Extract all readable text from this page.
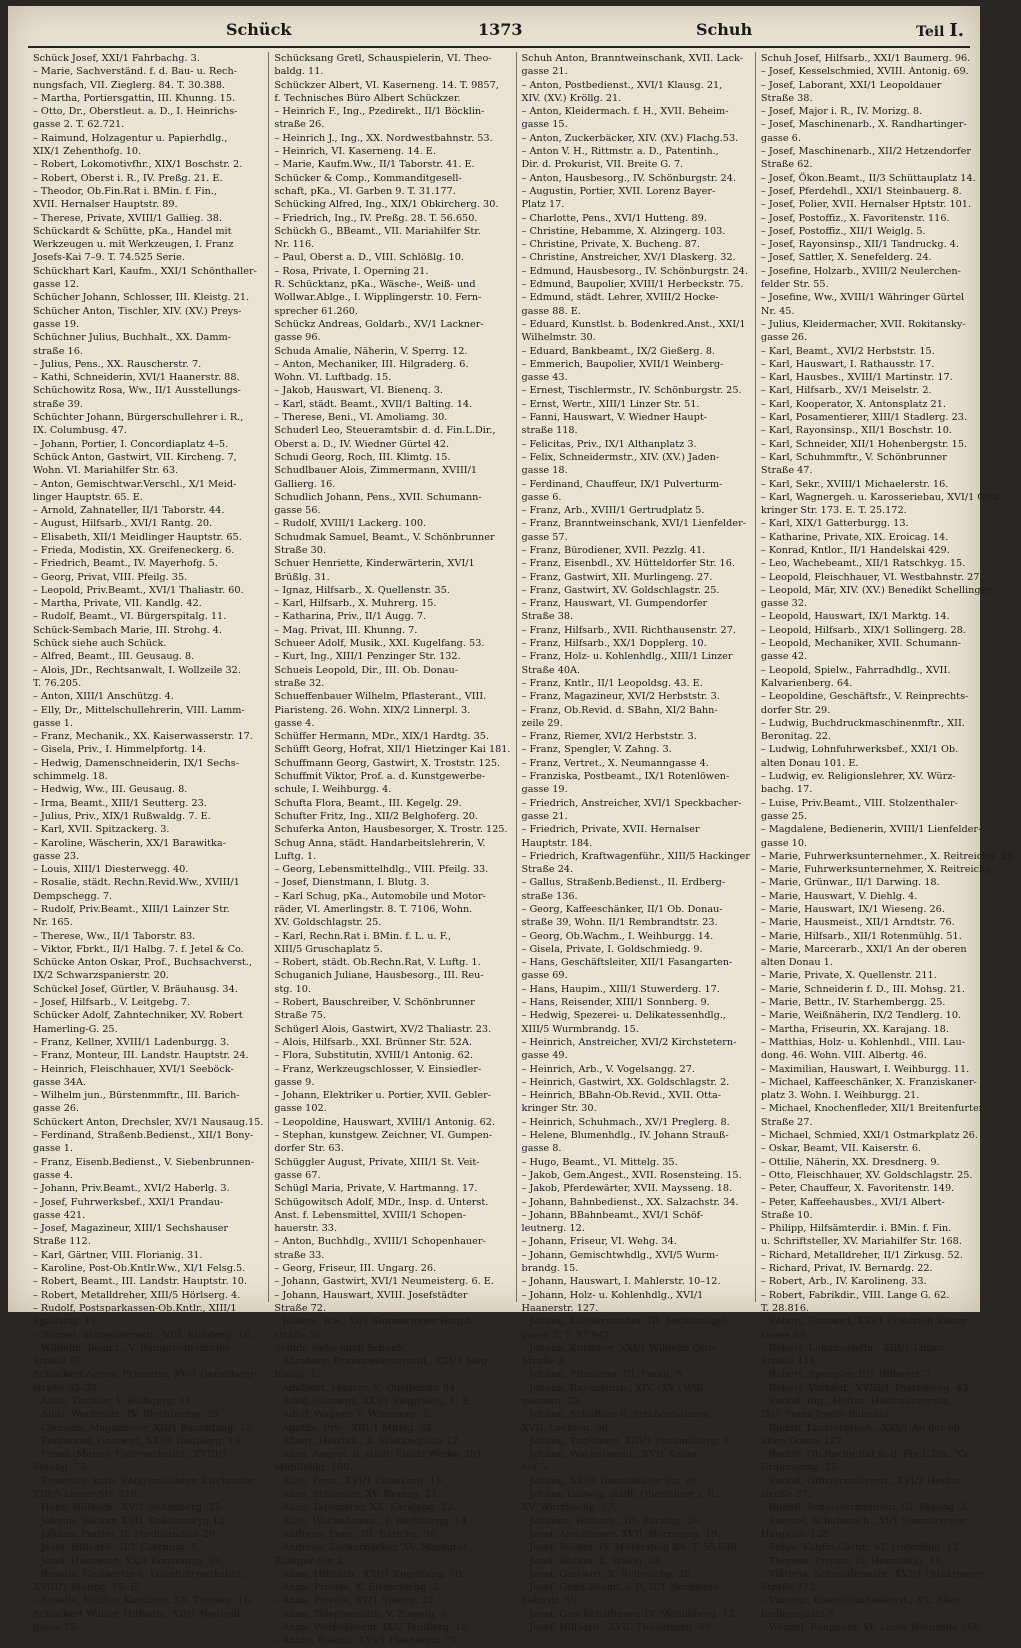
Schück	1373	Schuh	Teil I.
Schück Josef, XXI/1 Fahrbachg. 3.
– Marie, Sachverständ. f. d. Bau- u. Rech-
nungsfach, VII. Zieglerg. 84. T. 30.388.
– Martha, Portiersgattin, III. Khunng. 15.
– Otto, Dr., Oberstleut. a. D., I. Heinrichs-
gasse 2. T. 62.721.
– Raimund, Holzagentur u. Papierhdlg.,
XIX/1 Zehenthofg. 10.
– Robert, Lokomotivfhr., XIX/1 Boschstr. 2.
– Robert, Oberst i. R., IV. Preßg. 21. E.
– Theodor, Ob.Fin.Rat i. BMin. f. Fin.,
XVII. Hernalser Hauptstr. 89.
– Therese, Private, XVIII/1 Gallieg. 38.
Schückardt & Schütte, pKa., Handel mit
Werkzeugen u. mit Werkzeugen, I. Franz
Josefs-Kai 7–9. T. 74.525 Serie.
Schückhart Karl, Kaufm., XXI/1 Schönthaller-
gasse 12.
Schücher Johann, Schlosser, III. Kleistg. 21.
Schücher Anton, Tischler, XIV. (XV.) Preys-
gasse 19.
Schüchner Julius, Buchhalt., XX. Damm-
straße 16.
– Julius, Pens., XX. Rauscherstr. 7.
– Kathi, Schneiderin, XVI/1 Haanerstr. 88.
Schüchowitz Rosa, Ww., II/1 Ausstellungs-
straße 39.
Schüchter Johann, Bürgerschullehrer i. R.,
IX. Columbusg. 47.
– Johann, Portier, I. Concordiaplatz 4–5.
Schück Anton, Gastwirt, VII. Kircheng. 7,
Wohn. VI. Mariahilfer Str. 63.
– Anton, Gemischtwar.Verschl., X/1 Meid-
linger Hauptstr. 65. E.
– Arnold, Zahnateller, II/1 Taborstr. 44.
– August, Hilfsarb., XVI/1 Rantg. 20.
– Elisabeth, XII/1 Meidlinger Hauptstr. 65.
– Frieda, Modistin, XX. Greifeneckerg. 6.
– Friedrich, Beamt., IV. Mayerhofg. 5.
– Georg, Privat, VIII. Pfeilg. 35.
– Leopold, Priv.Beamt., XVI/1 Thaliastr. 60.
– Martha, Private, VII. Kandlg. 42.
– Rudolf, Beamt., VI. Bürgerspitalg. 11.
Schück-Sembach Marie, III. Strohg. 4.
Schück siehe auch Schück.
– Alfred, Beamt., III. Geusaug. 8.
– Alois, JDr., Rechtsanwalt, I. Wollzeile 32.
T. 76.205.
– Anton, XIII/1 Anschützg. 4.
– Elly, Dr., Mittelschullehrerin, VIII. Lamm-
gasse 1.
– Franz, Mechanik., XX. Kaiserwasserstr. 17.
– Gisela, Priv., I. Himmelpfortg. 14.
– Hedwig, Damenschneiderin, IX/1 Sechs-
schimmelg. 18.
– Hedwig, Ww., III. Geusaug. 8.
– Irma, Beamt., XIII/1 Seutterg. 23.
– Julius, Priv., XIX/1 Rußwaldg. 7. E.
– Karl, XVII. Spitzackerg. 3.
– Karoline, Wäscherin, XX/1 Barawitka-
gasse 23.
– Louis, XIII/1 Diesterwegg. 40.
– Rosalie, städt. Rechn.Revid.Ww., XVIII/1
Dempschegg. 7.
– Rudolf, Priv.Beamt., XIII/1 Lainzer Str.
Nr. 165.
– Therese, Ww., II/1 Taborstr. 83.
– Viktor, Fbrkt., II/1 Halbg. 7. f. Jetel & Co.
Schücke Anton Oskar, Prof., Buchsachverst.,
IX/2 Schwarzspanierstr. 20.
Schückel Josef, Gürtler, V. Bräuhausg. 34.
– Josef, Hilfsarb., V. Leitgebg. 7.
Schücker Adolf, Zahntechniker, XV. Robert
Hamerling-G. 25.
– Franz, Kellner, XVIII/1 Ladenburgg. 3.
– Franz, Monteur, III. Landstr. Hauptstr. 24.
– Heinrich, Fleischhauer, XVI/1 Seeböck-
gasse 34A.
– Wilhelm jun., Bürstenmmftr., III. Barich-
gasse 26.
Schückert Anton, Drechsler, XV/1 Nausaug.15.
– Ferdinand, Straßenb.Bedienst., XII/1 Bony-
gasse 1.
– Franz, Eisenb.Bedienst., V. Siebenbrunnen-
gasse 4.
– Johann, Priv.Beamt., XVI/2 Haberlg. 3.
– Josef, Fuhrwerksbef., XXI/1 Prandau-
gasse 421.
– Josef, Magazineur, XIII/1 Sechshauser
Straße 112.
– Karl, Gärtner, VIII. Florianig. 31.
– Karoline, Post-Ob.Kntlr.Ww., XI/1 Felsg.5.
– Robert, Beamt., III. Landstr. Hauptstr. 10.
– Robert, Metalldreher, XIII/5 Hörlserg. 4.
– Rudolf, Postsparkassen-Ob.Kntlr., XIII/1
Spallartg. 11.
– Wenzel, Schneidermstr., VIII. Blindeng. 16.
– Wilhelm, Beamt., V. Reinprechtsdorfer
Straße 55.
Schückert Agnes, Friseurin, XV/1 Geiselberg-
straße 35–37.
– Alois, Tischler, V. Rüdigerg. 11.
– Alois, Werkmstr., IV. Blechturmg. 29.
– Clemens, Magazineur, XII/1 Rauchfang. 12.
– Ferdinand, Gastwirt, XXI/1 Deublerg. 13.
– Franz (Marie), Fuhrwerksbef., XVIII/1
Staubg. 75.
– Friedrich, kath. Religionslehrer, Kirchendir.,
XIII/5 Linzer Str. 216.
– Hans, Hilfsarb., XV/1 Seltenberg. 25.
– Johann, Bäcker, XVII. Rokitanskyg.12.
– Johann, Portier, II. Ferdinandstr. 29.
– Josef, Hilfsarb., II/1 Czerning. 8.
– Josef, Hauswart, XX/1 Konstanzg. 39.
– Rosalie, Gastwirtin u. Lohnfuhrwerksbef.,
XVIII/1 Staubg. 75. E.
– Rosalie, Milch-u.Kanditen, XX. Traisng. 16.
Schückert Walter, Hilfsarb., XII/1 Neuwall-
gasse 15.
Schücksang Gretl, Schauspielerin, VI. Theo-
baldg. 11.
Schückzer Albert, VI. Kaserneng. 14. T. 9857,
f. Technisches Büro Albert Schückzer.
– Heinrich F., Ing., Pzedirekt., II/1 Böcklin-
straße 26.
– Heinrich J., Ing., XX. Nordwestbahnstr. 53.
– Heinrich, VI. Kaserneng. 14. E.
– Marie, Kaufm.Ww., II/1 Taborstr. 41. E.
Schücker & Comp., Kommanditgesell-
schaft, pKa., VI. Garben 9. T. 31.177.
Schücking Alfred, Ing., XIX/1 Obkircherg. 30.
– Friedrich, Ing., IV. Preßg. 28. T. 56.650.
Schückh G., BBeamt., VII. Mariahilfer Str.
Nr. 116.
– Paul, Oberst a. D., VIII. Schlößlg. 10.
– Rosa, Private, I. Operning 21.
R. Schücktanz, pKa., Wäsche-, Weiß- und
Wollwar.Ablge., I. Wipplingerstr. 10. Fern-
sprecher 61.260.
Schückz Andreas, Goldarb., XV/1 Lackner-
gasse 96.
Schuda Amalie, Näherin, V. Sperrg. 12.
– Anton, Mechaniker, III. Hilgraderg. 6.
Wohn. VI. Luftbadg. 15.
– Jakob, Hauswart, VI. Bienenq. 3.
– Karl, städt. Beamt., XVII/1 Balting. 14.
– Therese, Beni., VI. Amoliamg. 30.
Schuderl Leo, Steueramtsbir. d. d. Fin.L.Dir.,
Oberst a. D., IV. Wiedner Gürtel 42.
Schudi Georg, Roch, III. Klimtg. 15.
Schudlbauer Alois, Zimmermann, XVIII/1
Gallierg. 16.
Schudlich Johann, Pens., XVII. Schumann-
gasse 56.
– Rudolf, XVIII/1 Lackerg. 100.
Schudmak Samuel, Beamt., V. Schönbrunner
Straße 30.
Schuer Henriette, Kinderwärterin, XVI/1
Brüßlg. 31.
– Ignaz, Hilfsarb., X. Quellenstr. 35.
– Karl, Hilfsarb., X. Muhrerg. 15.
– Katharina, Priv., II/1 Augg. 7.
– Mag. Privat, III. Khunng. 7.
Schueer Adolf, Musik., XXI. Kugelfang. 53.
– Kurt, Ing., XIII/1 Penzinger Str. 132.
Schueis Leopold, Dir., III. Ob. Donau-
straße 32.
Schueffenbauer Wilhelm, Pflasterant., VIII.
Piaristeng. 26. Wohn. XIX/2 Linnerpl. 3.
gasse 4.
Schüffer Hermann, MDr., XIX/1 Hardtg. 35.
Schüfft Georg, Hofrat, XII/1 Hietzinger Kai 181.
Schuffmann Georg, Gastwirt, X. Troststr. 125.
Schuffmit Viktor, Prof. a. d. Kunstgewerbe-
schule, I. Weihburgg. 4.
Schufta Flora, Beamt., III. Kegelg. 29.
Schufter Fritz, Ing., XII/2 Belghoferg. 20.
Schuferka Anton, Hausbesorger, X. Trostr. 125.
Schug Anna, städt. Handarbeitslehrerin, V.
Luftg. 1.
– Georg, Lebensmittelhdlg., VIII. Pfeilg. 33.
– Josef, Dienstmann, I. Blutg. 3.
– Karl Schug, pKa., Automobile und Motor-
räder, VI. Amerlingstr. 8. T. 7106, Wohn.
XV. Goldschlagstr. 25.
– Karl, Rechn.Rat i. BMin. f. L. u. F.,
XIII/5 Gruschaplatz 5.
– Robert, städt. Ob.Rechn.Rat, V. Luftg. 1.
Schuganich Juliane, Hausbesorg., III. Reu-
stg. 10.
– Robert, Bauschreiber, V. Schönbrunner
Straße 75.
Schügerl Alois, Gastwirt, XV/2 Thaliastr. 23.
– Alois, Hilfsarb., XXI. Brünner Str. 52A.
– Flora, Substitutin, XVIII/1 Antonig. 62.
– Franz, Werkzeugschlosser, V. Einsiedler-
gasse 9.
– Johann, Elektriker u. Portier, XVII. Gebler-
gasse 102.
– Leopoldine, Hauswart, XVIII/1 Antonig. 62.
– Stephan, kunstgew. Zeichner, VI. Gumpen-
dorfer Str. 63.
Schüggler August, Private, XIII/1 St. Veit-
gasse 67.
Schügl Maria, Private, V. Hartmanng. 17.
Schügowitsch Adolf, MDr., Insp. d. Unterst.
Anst. f. Lebensmittel, XVIII/1 Schopen-
hauerstr. 33.
– Anton, Buchhdlg., XVIII/1 Schopenhauer-
straße 33.
– Georg, Friseur, III. Ungarg. 26.
– Johann, Gastwirt, XVI/1 Neumeisterg. 6. E.
– Johann, Hauswart, XVIII. Josefstädter
Straße 72.
– Juliane, Ww., XI/1 Simmeringer Haupt-
straße 36.
Schuh, siehe auch Schuch.
– Abraham, Branntweinverschl., XXI/1 Sieg-
friedg. 1.
– Adalbert, Maurer, X. Quellenstr. 94.
– Adolf, Gastwirt, XXI/1 Siegfriedg. 1. E.
– Adolf, Wagner, V. Wimmerg. 2.
– Agathe, Priv., XIII/1 Mitisg. 32.
– Albert, Holzbdl., X. Wielandplatz 12.
– Alois, Angest. b. städt. Elektr.Werke, II/1
Mühlfeldg. 160.
– Alois, Pens., XVI/1 Odoakerg. 15.
– Alois, Schlosser, XV. Kranzg. 21.
– Alois, Tapezierer, XX. Karajang. 22.
– Alois, Wachebeamt., I. Weihburgg. 14.
– Andreas, Pens., III. Barichg. 36.
– Andreas, Zuckerbäcker, XV. Markgraf
Rüdiger-Str. 2.
– Anna, Hilfsarb., XXI/1 Kugelfang. 10.
– Anna, Private, X. Ettenreichg. 3.
– Anna, Private, XV/1 Sperrg. 22.
– Anna, Telephonistin, V. Ziegelg. 4.
– Anna, Weißnäherin, IX/2 Tendlerg. 10.
– Anton, Beamt., XVI/1 Haanerstr. 75.
Schuh Anton, Branntweinschank, XVII. Lack-
gasse 21.
– Anton, Postbedienst., XVI/1 Klausg. 21,
XIV. (XV.) Kröllg. 21.
– Anton, Kleidermach. f. H., XVII. Beheim-
gasse 15.
– Anton, Zuckerbäcker, XIV. (XV.) Flachg.53.
– Anton V. H., Rittmstr. a. D., Patentinh.,
Dir. d. Prokurist, VII. Breite G. 7.
– Anton, Hausbesorg., IV. Schönburgstr. 24.
– Augustin, Portier, XVII. Lorenz Bayer-
Platz 17.
– Charlotte, Pens., XVI/1 Hutteng. 89.
– Christine, Hebamme, X. Alzingerg. 103.
– Christine, Private, X. Bucheng. 87.
– Christine, Anstreicher, XV/1 Dlaskerg. 32.
– Edmund, Hausbesorg., IV. Schönburgstr. 24.
– Edmund, Baupolier, XVIII/1 Herbeckstr. 75.
– Edmund, städt. Lehrer, XVIII/2 Hocke-
gasse 88. E.
– Eduard, Kunstlst. b. Bodenkred.Anst., XXI/1
Wilhelmstr. 30.
– Eduard, Bankbeamt., IX/2 Gießerg. 8.
– Emmerich, Baupolier, XVII/1 Weinberg-
gasse 43.
– Ernest, Tischlermstr., IV. Schönburgstr. 25.
– Ernst, Wertr., XIII/1 Linzer Str. 51.
– Fanni, Hauswart, V. Wiedner Haupt-
straße 118.
– Felicitas, Priv., IX/1 Althanplatz 3.
– Felix, Schneidermstr., XIV. (XV.) Jaden-
gasse 18.
– Ferdinand, Chauffeur, IX/1 Pulverturm-
gasse 6.
– Franz, Arb., XVIII/1 Gertrudplatz 5.
– Franz, Branntweinschank, XVI/1 Lienfelder-
gasse 57.
– Franz, Bürodiener, XVII. Pezzlg. 41.
– Franz, Eisenbdl., XV. Hütteldorfer Str. 16.
– Franz, Gastwirt, XII. Murlingeng. 27.
– Franz, Gastwirt, XV. Goldschlagstr. 25.
– Franz, Hauswart, VI. Gumpendorfer
Straße 38.
– Franz, Hilfsarb., XVII. Richthausenstr. 27.
– Franz, Hilfsarb., XX/1 Dopplerg. 10.
– Franz, Holz- u. Kohlenhdlg., XIII/1 Linzer
Straße 40A.
– Franz, Kntlr., II/1 Leopoldsg. 43. E.
– Franz, Magazineur, XVI/2 Herbststr. 3.
– Franz, Ob.Revid. d. SBahn, XI/2 Bahn-
zeile 29.
– Franz, Riemer, XVI/2 Herbststr. 3.
– Franz, Spengler, V. Zahng. 3.
– Franz, Vertret., X. Neumanngasse 4.
– Franziska, Postbeamt., IX/1 Rotenlöwen-
gasse 19.
– Friedrich, Anstreicher, XVI/1 Speckbacher-
gasse 21.
– Friedrich, Private, XVII. Hernalser
Hauptstr. 184.
– Friedrich, Kraftwagenführ., XIII/5 Hackinger
Straße 24.
– Gallus, Straßenb.Bedienst., II. Erdberg-
straße 136.
– Georg, Kaffeeschänker, II/1 Ob. Donau-
straße 39, Wohn. II/1 Rembrandtstr. 23.
– Georg, Ob.Wachm., I. Weihburgg. 14.
– Gisela, Private, I. Goldschmiedg. 9.
– Hans, Geschäftsleiter, XII/1 Fasangarten-
gasse 69.
– Hans, Haupim., XIII/1 Stuwerderg. 17.
– Hans, Reisender, XIII/1 Sonnberg. 9.
– Hedwig, Spezerei- u. Delikatessenhdlg.,
XIII/5 Wurmbrandg. 15.
– Heinrich, Anstreicher, XVI/2 Kirchstetern-
gasse 49.
– Heinrich, Arb., V. Vogelsangg. 27.
– Heinrich, Gastwirt, XX. Goldschlagstr. 2.
– Heinrich, BBahn-Ob.Revid., XVII. Otta-
kringer Str. 30.
– Heinrich, Schuhmach., XV/1 Preglerg. 8.
– Helene, Blumenhdlg., IV. Johann Strauß-
gasse 8.
– Hugo, Beamt., VI. Mittelg. 35.
– Jakob, Gem.Angest., XVII. Rosensteing. 15.
– Jakob, Pferdewärter, XVII. Maysseng. 18.
– Johann, Bahnbedienst., XX. Salzachstr. 34.
– Johann, BBahnbeamt., XVI/1 Schöf-
leutnerg. 12.
– Johann, Friseur, VI. Wehg. 34.
– Johann, Gemischtwhdlg., XVI/5 Wurm-
brandg. 15.
– Johann, Hauswart, I. Mahlerstr. 10–12.
– Johann, Holz- u. Kohlenhdlg., XVI/1
Haanerstr. 127.
– Johann, Kleidermacher, III. Sechskrügel-
gasse 2. T. 97.942.
– Johann, Kutscher, XXI/1 Wilhelm Otto-
Straße 2.
– Johann, Pflasterer, III. Parkg. 5.
– Johann, Rayonsinsp., XIV. (XV.) Will-
mannstr. 32.
– Johann, Schaffner d. Straßenbahnen,
XVII. Lackerg. 96.
– Johann, Taglöhner, XIII/1 Pachmüllerg. 3.
– Johann, Wachebeamt., XV/1 Kauer-
hof 5.
– Johann, XXI/1 Donaufelder Str. 26.
– Johann Ludwig, städt. Oberlehrer i. R.,
XV. Würzbachg. 17.
– Johanna, Hilfsarb., III. Barichg. 26.
– Josef, Amtsdiener, XVII. Hormayrg. 19.
– Josef, Bäcker, IV. Mittersteig 8A. T. 55.639.
– Josef, Bäcker, X. Waldg. 58.
– Josef, Gastwirt, X. Reitreichg. 20.
– Josef, Gend.Beamt. i. P., II/1 Nordwest-
bahnstr. 59.
– Josef, Geschäftsdiener, IV. Mohlleberg. 12.
– Josef, Hilfsarb., XVII. Thaliamerg. 49.
Schuh Josef, Hilfsarb., XXI/1 Baumerg. 96.
– Josef, Kesselschmied, XVIII. Antonig. 69.
– Josef, Laborant, XXI/1 Leopoldauer
Straße 38.
– Josef, Major i. R., IV. Morizg. 8.
– Josef, Maschinenarb., X. Randhartinger-
gasse 6.
– Josef, Maschinenarb., XII/2 Hetzendorfer
Straße 62.
– Josef, Ökon.Beamt., II/3 Schüttauplatz 14.
– Josef, Pferdehdl., XXI/1 Steinbauerg. 8.
– Josef, Polier, XVII. Hernalser Hptstr. 101.
– Josef, Postoffiz., X. Favoritenstr. 116.
– Josef, Postoffiz., XII/1 Weiglg. 5.
– Josef, Rayonsinsp., XII/1 Tandruckg. 4.
– Josef, Sattler, X. Senefelderg. 24.
– Josefine, Holzarb., XVIII/2 Neulerchen-
felder Str. 55.
– Josefine, Ww., XVIII/1 Währinger Gürtel
Nr. 45.
– Julius, Kleidermacher, XVII. Rokitansky-
gasse 26.
– Karl, Beamt., XVI/2 Herbststr. 15.
– Karl, Hauswart, I. Rathausstr. 17.
– Karl, Hausbes., XVIII/1 Martinstr. 17.
– Karl, Hilfsarb., XV/1 Meiselstr. 2.
– Karl, Kooperator, X. Antonsplatz 21.
– Karl, Posamentierer, XIII/1 Stadlerg. 23.
– Karl, Rayonsinsp., XII/1 Boschstr. 10.
– Karl, Schneider, XII/1 Hohenbergstr. 15.
– Karl, Schuhmmftr., V. Schönbrunner
Straße 47.
– Karl, Sekr., XVIII/1 Michaelerstr. 16.
– Karl, Wagnergeh. u. Karosseriebau, XVI/1 Otta-
kringer Str. 173. E. T. 25.172.
– Karl, XIX/1 Gatterburgg. 13.
– Katharine, Private, XIX. Eroicag. 14.
– Konrad, Kntlor., II/1 Handelskai 429.
– Leo, Wachebeamt., XII/1 Ratschkyg. 15.
– Leopold, Fleischhauer, VI. Westbahnstr. 27.
– Leopold, Mär, XIV. (XV.) Benedikt Schellinger-
gasse 32.
– Leopold, Hauswart, IX/1 Marktg. 14.
– Leopold, Hilfsarb., XIX/1 Sollingerg. 28.
– Leopold, Mechaniker, XVII. Schumann-
gasse 42.
– Leopold, Spielw., Fahrradhdlg., XVII.
Kalvarienberg. 64.
– Leopoldine, Geschäftsfr., V. Reinprechts-
dorfer Str. 29.
– Ludwig, Buchdruckmaschinenmftr., XII.
Beronitag. 22.
– Ludwig, Lohnfuhrwerksbef., XXI/1 Ob.
alten Donau 101. E.
– Ludwig, ev. Religionslehrer, XV. Würz-
bachg. 17.
– Luise, Priv.Beamt., VIII. Stolzenthaler-
gasse 25.
– Magdalene, Bedienerin, XVIII/1 Lienfelder-
gasse 10.
– Marie, Fuhrwerksunternehmer., X. Reitreichg. 20.
– Marie, Fuhrwerksunternehmer, X. Reitreichg.
– Marie, Grünwar., II/1 Darwing. 18.
– Marie, Hauswart, V. Diehlg. 4.
– Marie, Hauswart, IX/1 Wieseng. 26.
– Marie, Hausmeist., XII/1 Arndtstr. 76.
– Marie, Hilfsarb., XII/1 Rotenmühlg. 51.
– Marie, Marcerarb., XXI/1 An der oberen
alten Donau 1.
– Marie, Private, X. Quellenstr. 211.
– Marie, Schneiderin f. D., III. Mohsg. 21.
– Marie, Bettr., IV. Starhembergg. 25.
– Marie, Weißnäherin, IX/2 Tendlerg. 10.
– Martha, Friseurin, XX. Karajang. 18.
– Matthias, Holz- u. Kohlenhdl., VIII. Lau-
dong. 46. Wohn. VIII. Albertg. 46.
– Maximilian, Hauswart, I. Weihburgg. 11.
– Michael, Kaffeeschänker, X. Franziskaner-
platz 3. Wohn. I. Weihburgg. 21.
– Michael, Knochenfleder, XII/1 Breitenfurter
Straße 27.
– Michael, Schmied, XXI/1 Ostmarkplatz 26.
– Oskar, Beamt, VII. Kaiserstr. 6.
– Ottilie, Näherin, XX. Dresdnerg. 9.
– Otto, Fleischhauer, XV. Goldschlagstr. 25.
– Peter, Chauffeur, X. Favoritenstr. 149.
– Peter, Kaffeehausbes., XVI/1 Albert-
Straße 10.
– Philipp, Hilfsämterdir. i. BMin. f. Fin.
u. Schriftsteller, XV. Mariahilfer Str. 168.
– Richard, Metalldreher, II/1 Zirkusg. 52.
– Richard, Privat, IV. Bernardg. 22.
– Robert, Arb., IV. Karolineng. 33.
– Robert, Fabrikdir., VIII. Lange G. 62.
T. 28.816.
– Robert, Gastwirt, XXI/1 Friedrich Kaiser-
Gasse 69.
– Robert, Lokomotivfhr., XIII/1 Linzer
Straße 114.
– Robert, Spengler, II/1 Hillerstr. 7.
– Robert, Verkäuf., XVIII/1 Thereßieng. 43.
– Rudolf, Ing., Hofrat, Heizhausvorstd.,
IX/1 Franz Josefs-Bahnhof.
– Rudolf, Lackierergeh., XXI/1 An der ob.
alten Donau 127.
– Rudolf, Ob.Rechn.Rat b. d. Fin.L.Dir., XV.
Graumanng. 25.
– Rudolf, Offizierstellvertr., XVI/2 Herbst-
straße 37.
– Rudolf, Schlossermonteur, III. Fasang. 3.
– Samuel, Schuhmach., XI/1 Simmeringer
Hauptstr. 128.
– Sonja, Kaufm.Gattin, VI. Hofmühlg. 13.
– Therese, Private, IV. Heumühlg. 11.
– Viktoria, Schneidermstr., XVI/1 Ottakringer
Straße 173.
– Vinzenz, Eisenbahnbedienst., XX. Aller-
heiligenplatz 3.
– Wenzel, Baupolier, VI. Linke Wienzeile 168.
